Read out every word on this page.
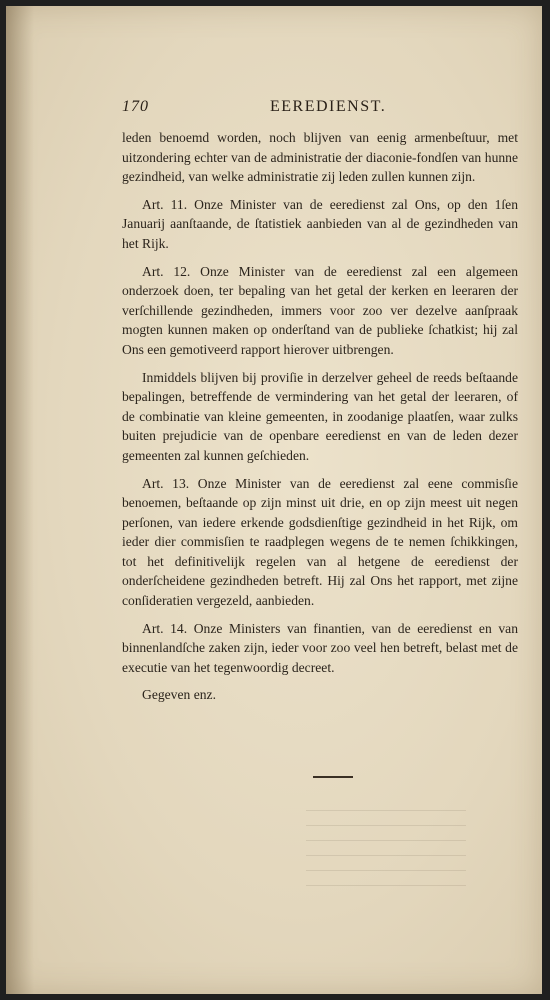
170	EEREDIENST.

leden benoemd worden, noch blijven van eenig armenbeſtuur, met uitzondering echter van de administratie der diaconie-fondſen van hunne gezindheid, van welke administratie zij leden zullen kunnen zijn.

Art. 11. Onze Minister van de eeredienst zal Ons, op den 1ſen Januarij aanſtaande, de ſtatistiek aanbieden van al de gezindheden van het Rijk.

Art. 12. Onze Minister van de eeredienst zal een algemeen onderzoek doen, ter bepaling van het getal der kerken en leeraren der verſchillende gezindheden, immers voor zoo ver dezelve aanſpraak mogten kunnen maken op onderſtand van de publieke ſchatkist; hij zal Ons een gemotiveerd rapport hierover uitbrengen.

Inmiddels blijven bij proviſie in derzelver geheel de reeds beſtaande bepalingen, betreffende de vermindering van het getal der leeraren, of de combinatie van kleine gemeenten, in zoodanige plaatſen, waar zulks buiten prejudicie van de openbare eeredienst en van de leden dezer gemeenten zal kunnen geſchieden.

Art. 13. Onze Minister van de eeredienst zal eene commisſie benoemen, beſtaande op zijn minst uit drie, en op zijn meest uit negen perſonen, van iedere erkende godsdienſtige gezindheid in het Rijk, om ieder dier commisſien te raadplegen wegens de te nemen ſchikkingen, tot het definitivelijk regelen van al hetgene de eeredienst der onderſcheidene gezindheden betreft. Hij zal Ons het rapport, met zijne conſideratien vergezeld, aanbieden.

Art. 14. Onze Ministers van finantien, van de eeredienst en van binnenlandſche zaken zijn, ieder voor zoo veel hen betreft, belast met de executie van het tegenwoordig decreet.

Gegeven enz.
